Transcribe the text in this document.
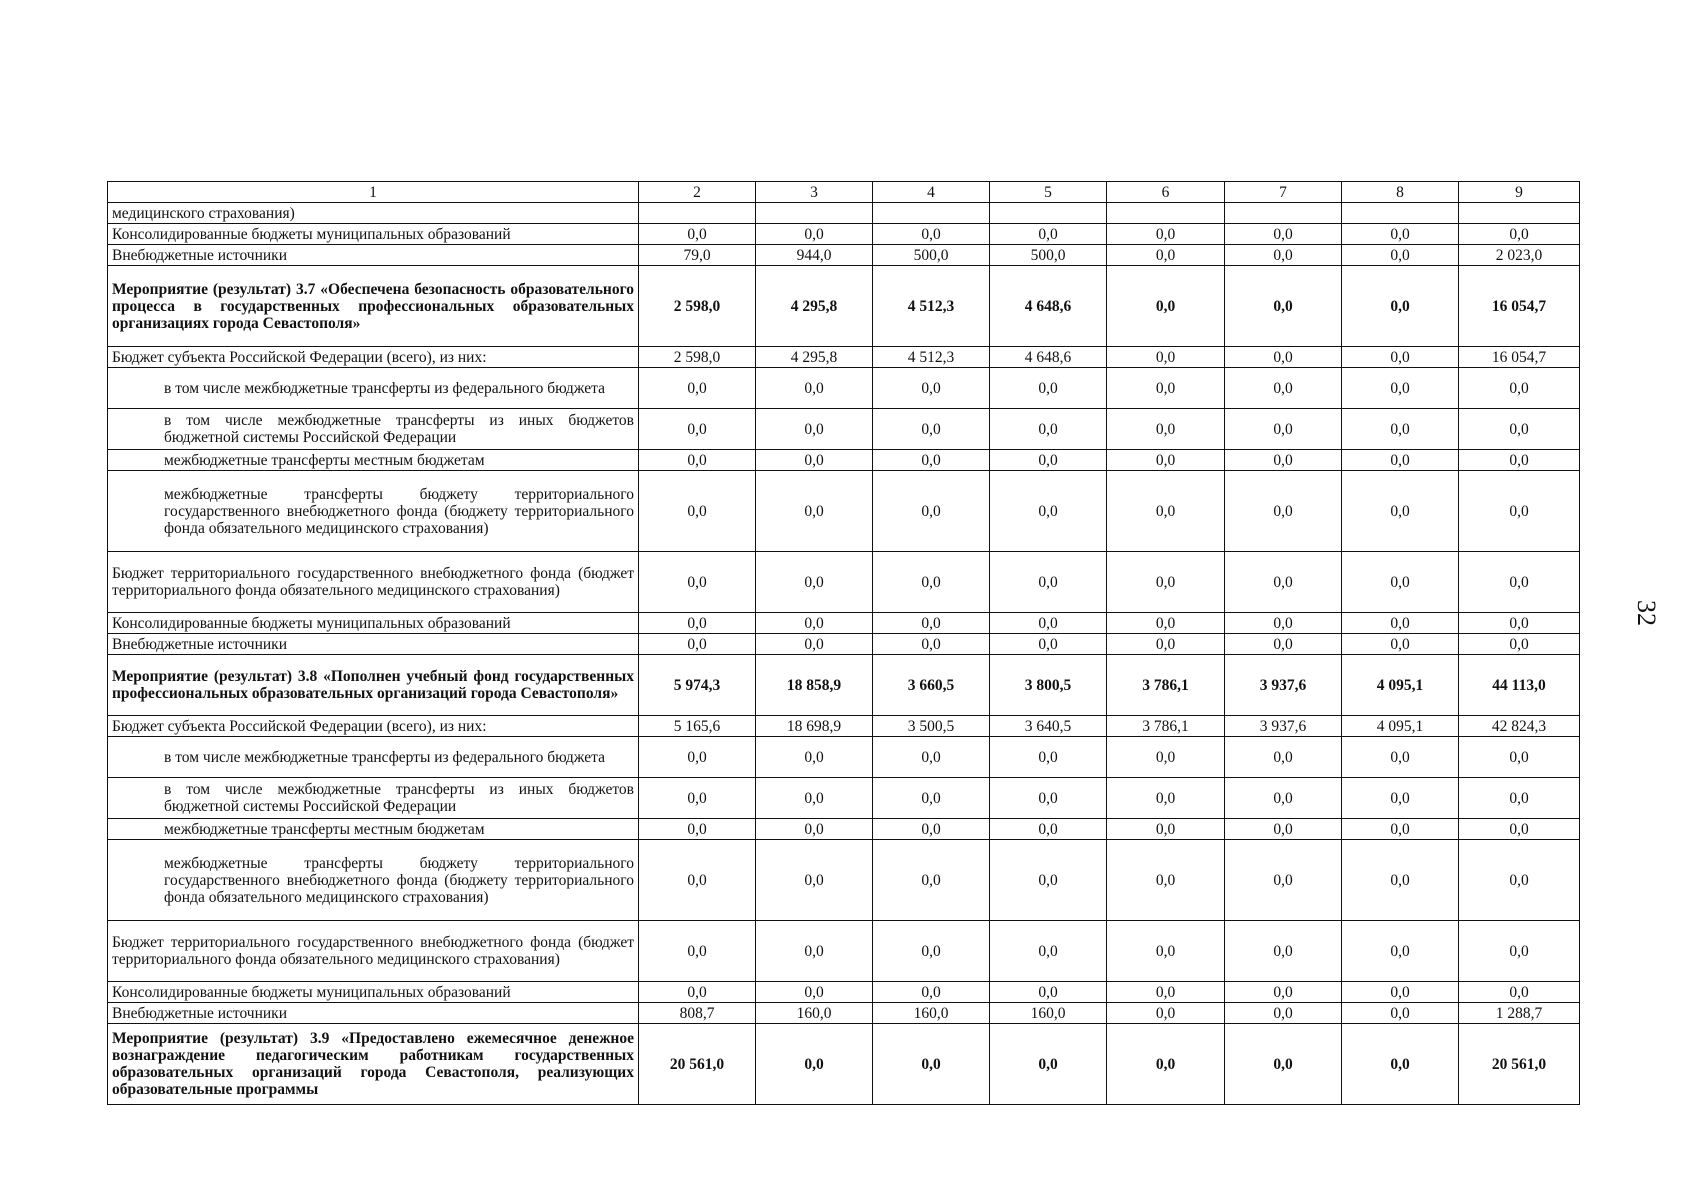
1	2	3	4	5	6	7	8	9
медицинского страхования)								
Консолидированные бюджеты муниципальных образований	0,0	0,0	0,0	0,0	0,0	0,0	0,0	0,0
Внебюджетные источники	79,0	944,0	500,0	500,0	0,0	0,0	0,0	2 023,0
Мероприятие (результат) 3.7 «Обеспечена безопасность образовательного процесса в государственных профессиональных образовательных организациях города Севастополя»	2 598,0	4 295,8	4 512,3	4 648,6	0,0	0,0	0,0	16 054,7
Бюджет субъекта Российской Федерации (всего), из них:	2 598,0	4 295,8	4 512,3	4 648,6	0,0	0,0	0,0	16 054,7
в том числе межбюджетные трансферты из федерального бюджета	0,0	0,0	0,0	0,0	0,0	0,0	0,0	0,0
в том числе межбюджетные трансферты из иных бюджетов бюджетной системы Российской Федерации	0,0	0,0	0,0	0,0	0,0	0,0	0,0	0,0
межбюджетные трансферты местным бюджетам	0,0	0,0	0,0	0,0	0,0	0,0	0,0	0,0
межбюджетные трансферты бюджету территориального государственного внебюджетного фонда (бюджету территориального фонда обязательного медицинского страхования)	0,0	0,0	0,0	0,0	0,0	0,0	0,0	0,0
Бюджет территориального государственного внебюджетного фонда (бюджет территориального фонда обязательного медицинского страхования)	0,0	0,0	0,0	0,0	0,0	0,0	0,0	0,0
Консолидированные бюджеты муниципальных образований	0,0	0,0	0,0	0,0	0,0	0,0	0,0	0,0
Внебюджетные источники	0,0	0,0	0,0	0,0	0,0	0,0	0,0	0,0
Мероприятие (результат) 3.8 «Пополнен учебный фонд государственных профессиональных образовательных организаций города Севастополя»	5 974,3	18 858,9	3 660,5	3 800,5	3 786,1	3 937,6	4 095,1	44 113,0
Бюджет субъекта Российской Федерации (всего), из них:	5 165,6	18 698,9	3 500,5	3 640,5	3 786,1	3 937,6	4 095,1	42 824,3
в том числе межбюджетные трансферты из федерального бюджета	0,0	0,0	0,0	0,0	0,0	0,0	0,0	0,0
в том числе межбюджетные трансферты из иных бюджетов бюджетной системы Российской Федерации	0,0	0,0	0,0	0,0	0,0	0,0	0,0	0,0
межбюджетные трансферты местным бюджетам	0,0	0,0	0,0	0,0	0,0	0,0	0,0	0,0
межбюджетные трансферты бюджету территориального государственного внебюджетного фонда (бюджету территориального фонда обязательного медицинского страхования)	0,0	0,0	0,0	0,0	0,0	0,0	0,0	0,0
Бюджет территориального государственного внебюджетного фонда (бюджет территориального фонда обязательного медицинского страхования)	0,0	0,0	0,0	0,0	0,0	0,0	0,0	0,0
Консолидированные бюджеты муниципальных образований	0,0	0,0	0,0	0,0	0,0	0,0	0,0	0,0
Внебюджетные источники	808,7	160,0	160,0	160,0	0,0	0,0	0,0	1 288,7
Мероприятие (результат) 3.9 «Предоставлено ежемесячное денежное вознаграждение педагогическим работникам государственных образовательных организаций города Севастополя, реализующих образовательные программы	20 561,0	0,0	0,0	0,0	0,0	0,0	0,0	20 561,0
32
